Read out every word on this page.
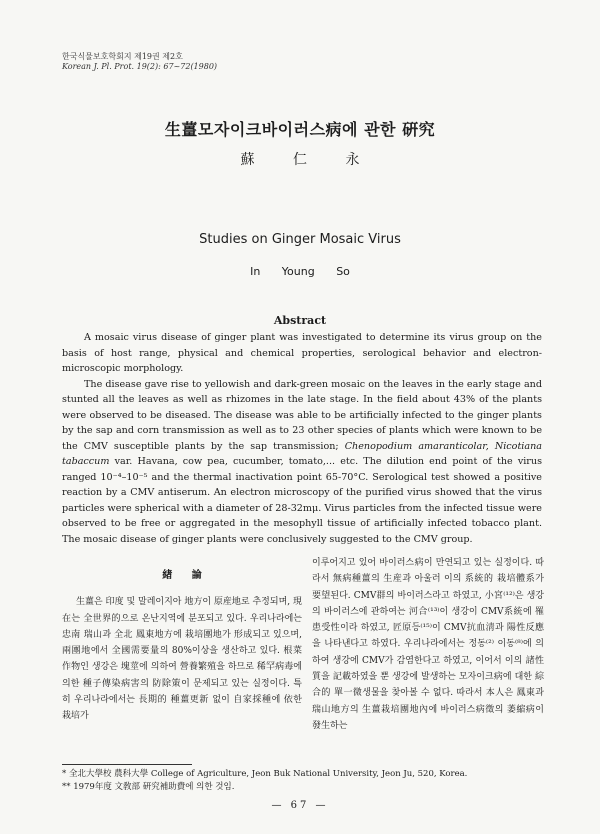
한국식물보호학회지 제19권 제2호
Korean J. Pl. Prot. 19(2): 67~72(1980)
生薑모자이크바이러스病에 관한 硏究
蘇 仁 永
Studies on Ginger Mosaic Virus
In Young So
Abstract

A mosaic virus disease of ginger plant was investigated to determine its virus group on the basis of host range, physical and chemical properties, serological behavior and electron-microscopic morphology.

The disease gave rise to yellowish and dark-green mosaic on the leaves in the early stage and stunted all the leaves as well as rhizomes in the late stage. In the field about 43% of the plants were observed to be diseased. The disease was able to be artificially infected to the ginger plants by the sap and corn transmission as well as to 23 other species of plants which were known to be the CMV susceptible plants by the sap transmission; Chenopodium amaranticolar, Nicotiana tabaccum var. Havana, cow pea, cucumber, tomato,... etc. The dilution end point of the virus ranged 10⁻⁴–10⁻⁵ and the thermal inactivation point 65-70°C. Serological test showed a positive reaction by a CMV antiserum. An electron microscopy of the purified virus showed that the virus particles were spherical with a diameter of 28-32mμ. Virus particles from the infected tissue were observed to be free or aggregated in the mesophyll tissue of artificially infected tobacco plant. The mosaic disease of ginger plants were conclusively suggested to the CMV group.

緖 論

生薑은 印度 및 말레이지아 地方이 原産地로 추정되며, 現在는 全世界的으로 온난지역에 분포되고 있다. 우리나라에는 忠南 瑞山과 全北 鳳東地方에 栽培團地가 形成되고 있으며, 兩團地에서 全國需要量의 80%이상을 생산하고 있다. 根菜作物인 생강은 塊莖에 의하여 營養繁殖을 하므로 稀罕病毒에 의한 種子傳染病害의 防除策이 문제되고 있는 실정이다. 특히 우리나라에서는 長期的 種薑更新 없이 自家採種에 依한 栽培가

이루어지고 있어 바이러스病이 만연되고 있는 실정이다. 따라서 無病種薑의 生産과 아울러 이의 系統的 栽培體系가 要望된다. CMV群의 바이러스라고 하였고, 小宮⁽¹²⁾은 생강의 바이러스에 관하여는 河合⁽¹³⁾이 생강이 CMV系統에 罹患受性이라 하였고, 匠原등⁽¹⁵⁾이 CMV抗血淸과 陽性反應을 나타낸다고 하였다. 우리나라에서는 정동⁽²⁾ 이동⁽⁸⁾에 의하여 생강에 CMV가 감염한다고 하였고, 이어서 이의 諸性質을 記載하였을 뿐 생강에 발생하는 모자이크病에 대한 綜合的 單一微생물을 찾아볼 수 없다. 따라서 本人은 鳳東과 瑞山地方의 生薑栽培團地內에 바이러스病徵의 萎縮病이 發生하는

* 全北大學校 農科大學 College of Agriculture, Jeon Buk National University, Jeon Ju, 520, Korea.
** 1979年度 文敎部 硏究補助費에 의한 것임.
— 67 —
